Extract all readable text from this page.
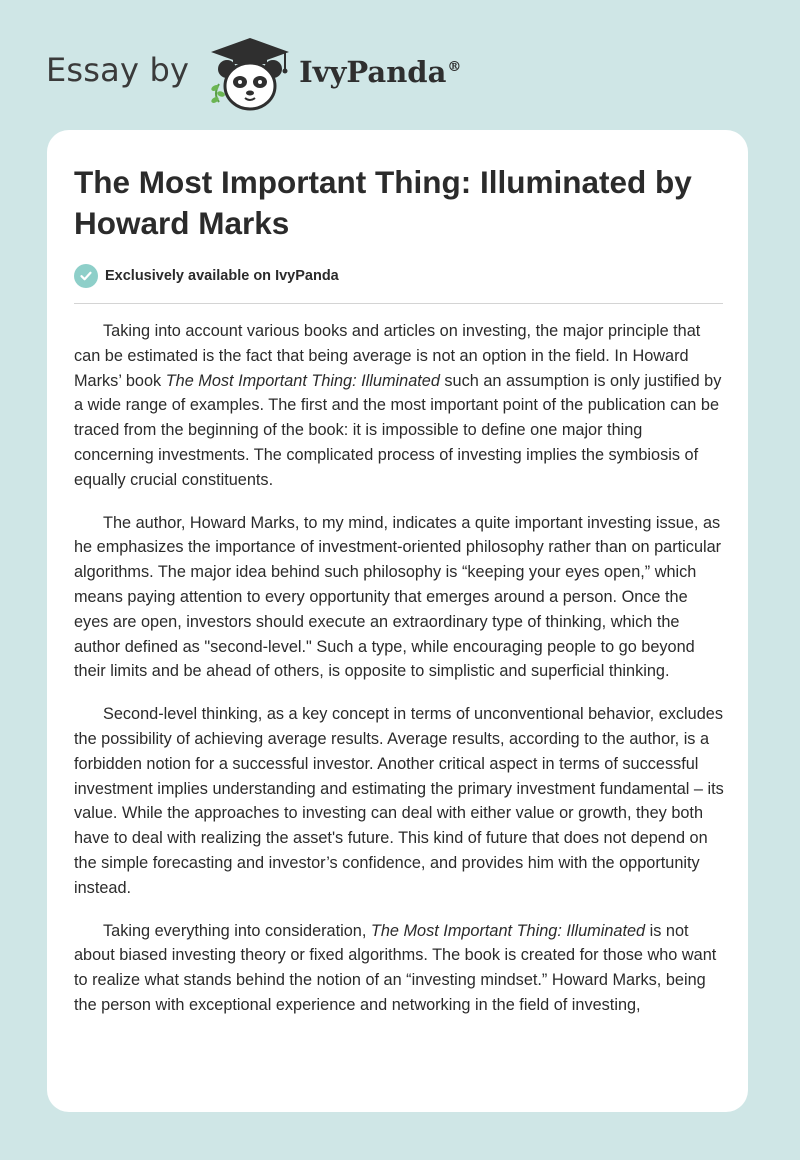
Essay by	IvyPanda®
The Most Important Thing: Illuminated by Howard Marks
Exclusively available on IvyPanda

Taking into account various books and articles on investing, the major principle that can be estimated is the fact that being average is not an option in the field. In Howard Marks’ book The Most Important Thing: Illuminated such an assumption is only justified by a wide range of examples. The first and the most important point of the publication can be traced from the beginning of the book: it is impossible to define one major thing concerning investments. The complicated process of investing implies the symbiosis of equally crucial constituents.

The author, Howard Marks, to my mind, indicates a quite important investing issue, as he emphasizes the importance of investment-oriented philosophy rather than on particular algorithms. The major idea behind such philosophy is “keeping your eyes open,” which means paying attention to every opportunity that emerges around a person. Once the eyes are open, investors should execute an extraordinary type of thinking, which the author defined as "second-level." Such a type, while encouraging people to go beyond their limits and be ahead of others, is opposite to simplistic and superficial thinking.

Second-level thinking, as a key concept in terms of unconventional behavior, excludes the possibility of achieving average results. Average results, according to the author, is a forbidden notion for a successful investor. Another critical aspect in terms of successful investment implies understanding and estimating the primary investment fundamental – its value. While the approaches to investing can deal with either value or growth, they both have to deal with realizing the asset's future. This kind of future that does not depend on the simple forecasting and investor’s confidence, and provides him with the opportunity instead.

Taking everything into consideration, The Most Important Thing: Illuminated is not about biased investing theory or fixed algorithms. The book is created for those who want to realize what stands behind the notion of an “investing mindset.” Howard Marks, being the person with exceptional experience and networking in the field of investing,
